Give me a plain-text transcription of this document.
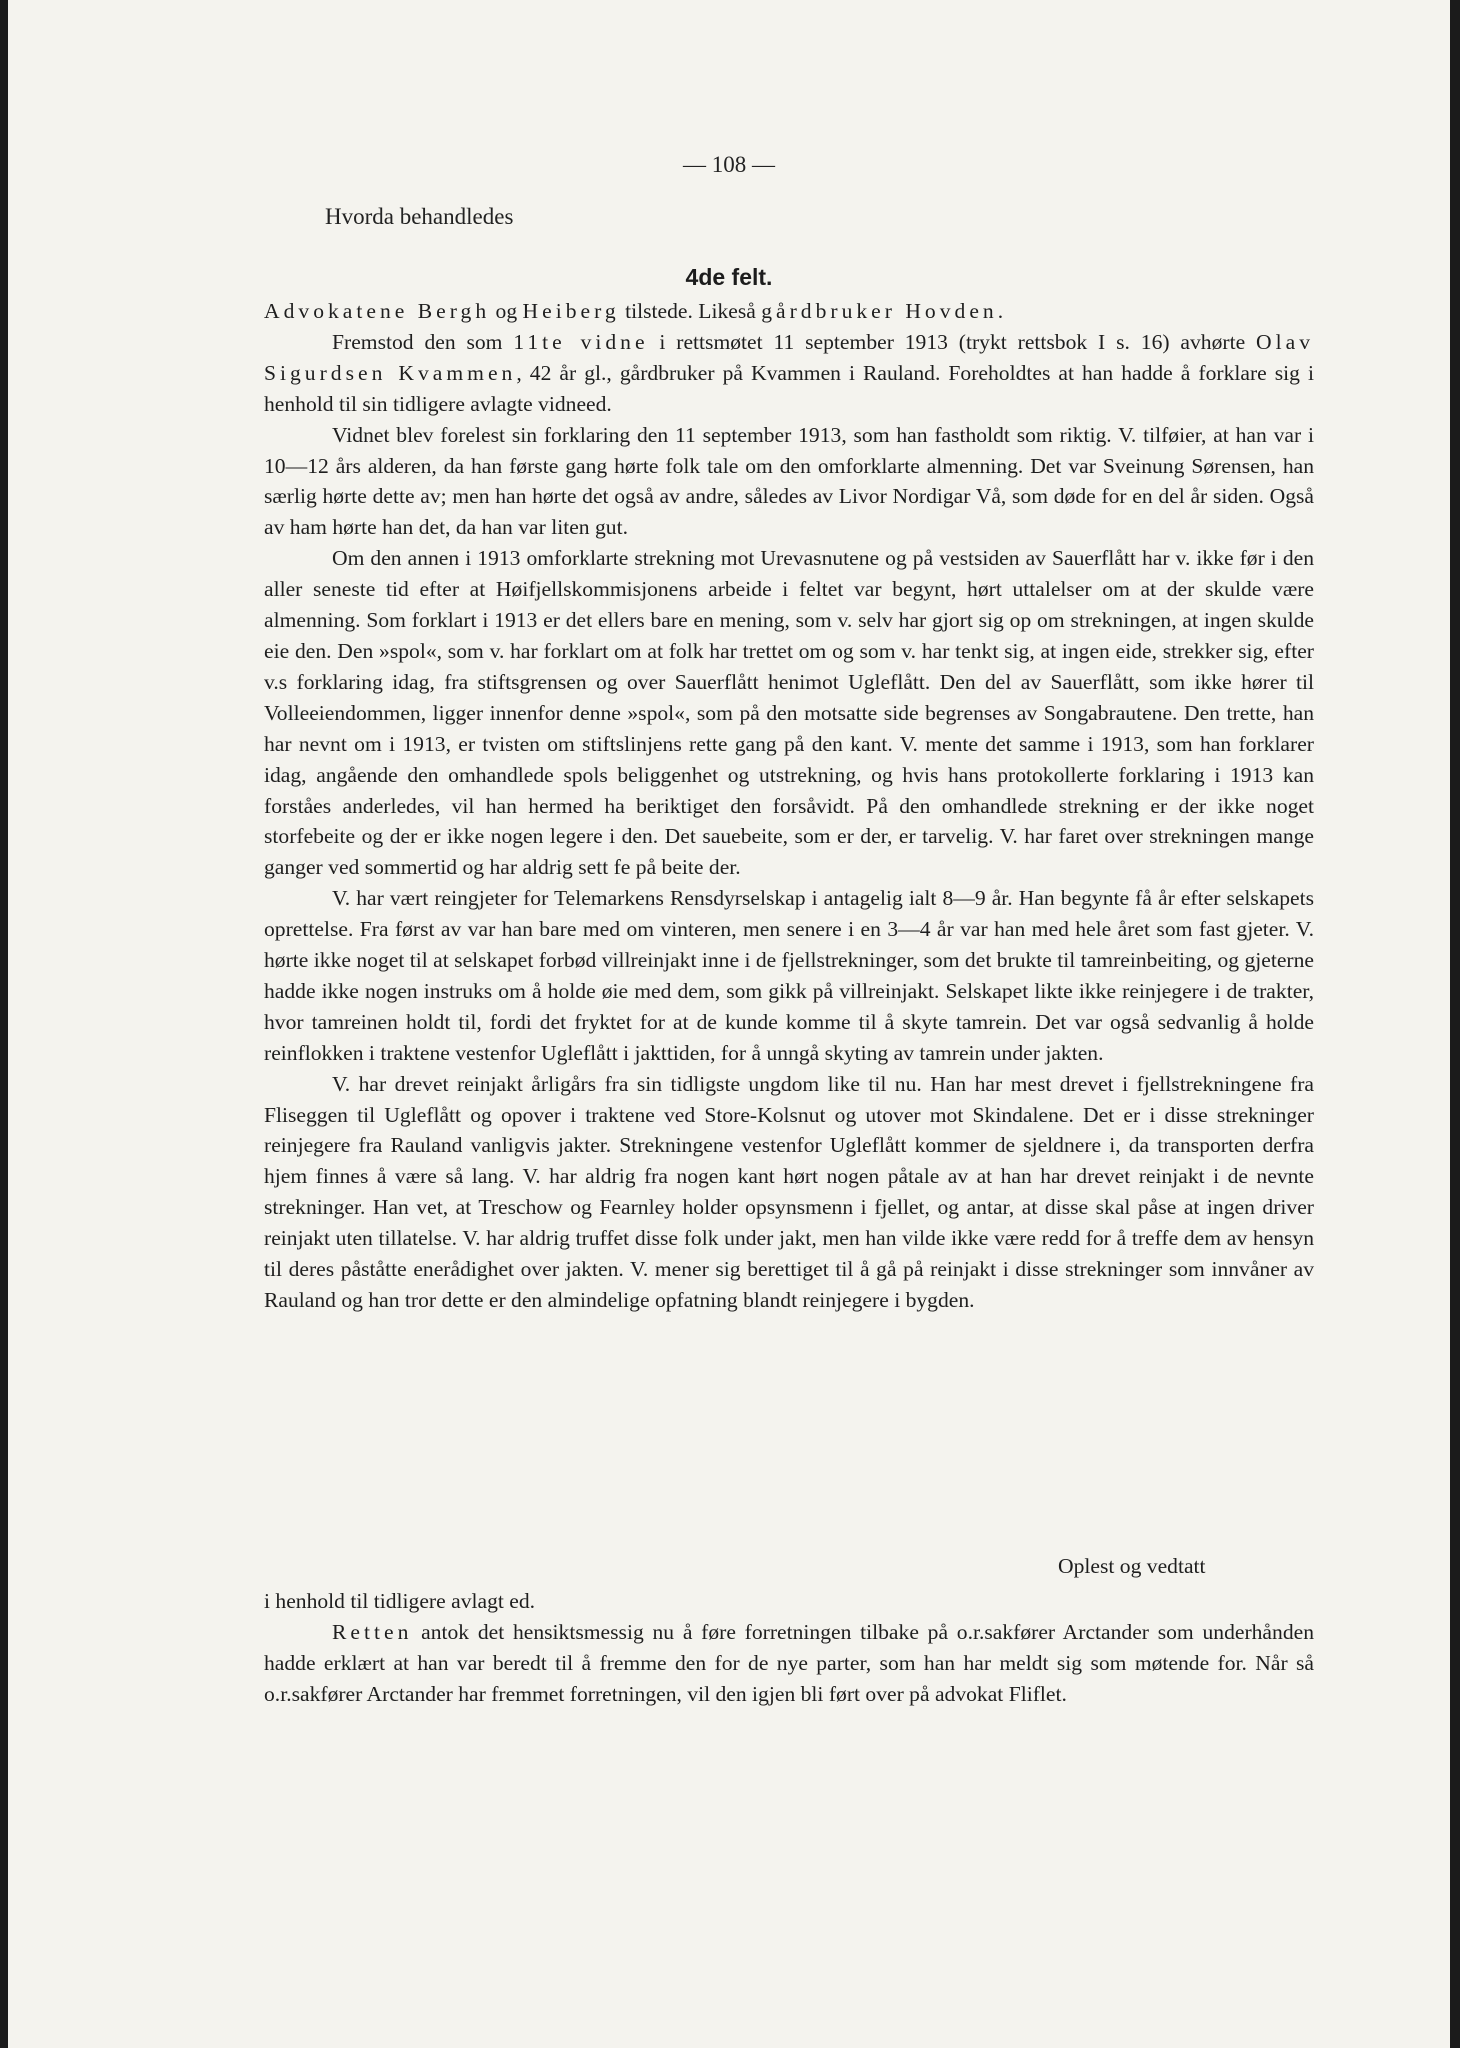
— 108 —
Hvorda behandledes
4de felt.

Advokatene Bergh og Heiberg tilstede. Likeså gårdbruker Hovden.

Fremstod den som 11te vidne i rettsmøtet 11 september 1913 (trykt rettsbok I s. 16) avhørte Olav Sigurdsen Kvammen, 42 år gl., gårdbruker på Kvammen i Rauland. Foreholdtes at han hadde å forklare sig i henhold til sin tidligere avlagte vidneed.

Vidnet blev forelest sin forklaring den 11 september 1913, som han fastholdt som riktig. V. tilføier, at han var i 10—12 års alderen, da han første gang hørte folk tale om den omforklarte almenning. Det var Sveinung Sørensen, han særlig hørte dette av; men han hørte det også av andre, således av Livor Nordigar Vå, som døde for en del år siden. Også av ham hørte han det, da han var liten gut.

Om den annen i 1913 omforklarte strekning mot Urevasnutene og på vestsiden av Sauerflått har v. ikke før i den aller seneste tid efter at Høifjellskommisjonens arbeide i feltet var begynt, hørt uttalelser om at der skulde være almenning. Som forklart i 1913 er det ellers bare en mening, som v. selv har gjort sig op om strekningen, at ingen skulde eie den. Den »spol«, som v. har forklart om at folk har trettet om og som v. har tenkt sig, at ingen eide, strekker sig, efter v.s forklaring idag, fra stiftsgrensen og over Sauerflått henimot Ugleflått. Den del av Sauerflått, som ikke hører til Volleeiendommen, ligger innenfor denne »spol«, som på den motsatte side begrenses av Songabrautene. Den trette, han har nevnt om i 1913, er tvisten om stiftslinjens rette gang på den kant. V. mente det samme i 1913, som han forklarer idag, angående den omhandlede spols beliggenhet og utstrekning, og hvis hans protokollerte forklaring i 1913 kan forståes anderledes, vil han hermed ha beriktiget den forsåvidt. På den omhandlede strekning er der ikke noget storfebeite og der er ikke nogen legere i den. Det sauebeite, som er der, er tarvelig. V. har faret over strekningen mange ganger ved sommertid og har aldrig sett fe på beite der.

V. har vært reingjeter for Telemarkens Rensdyrselskap i antagelig ialt 8—9 år. Han begynte få år efter selskapets oprettelse. Fra først av var han bare med om vinteren, men senere i en 3—4 år var han med hele året som fast gjeter. V. hørte ikke noget til at selskapet forbød villreinjakt inne i de fjellstrekninger, som det brukte til tamreinbeiting, og gjeterne hadde ikke nogen instruks om å holde øie med dem, som gikk på villreinjakt. Selskapet likte ikke reinjegere i de trakter, hvor tamreinen holdt til, fordi det fryktet for at de kunde komme til å skyte tamrein. Det var også sedvanlig å holde reinflokken i traktene vestenfor Ugleflått i jakttiden, for å unngå skyting av tamrein under jakten.

V. har drevet reinjakt årligårs fra sin tidligste ungdom like til nu. Han har mest drevet i fjellstrekningene fra Fliseggen til Ugleflått og opover i traktene ved Store-Kolsnut og utover mot Skindalene. Det er i disse strekninger reinjegere fra Rauland vanligvis jakter. Strekningene vestenfor Ugleflått kommer de sjeldnere i, da transporten derfra hjem finnes å være så lang. V. har aldrig fra nogen kant hørt nogen påtale av at han har drevet reinjakt i de nevnte strekninger. Han vet, at Treschow og Fearnley holder opsynsmenn i fjellet, og antar, at disse skal påse at ingen driver reinjakt uten tillatelse. V. har aldrig truffet disse folk under jakt, men han vilde ikke være redd for å treffe dem av hensyn til deres påståtte enerådighet over jakten. V. mener sig berettiget til å gå på reinjakt i disse strekninger som innvåner av Rauland og han tror dette er den almindelige opfatning blandt reinjegere i bygden.

Oplest og vedtatt

i henhold til tidligere avlagt ed.

Retten antok det hensiktsmessig nu å føre forretningen tilbake på o.r.sakfører Arctander som underhånden hadde erklært at han var beredt til å fremme den for de nye parter, som han har meldt sig som møtende for. Når så o.r.sakfører Arctander har fremmet forretningen, vil den igjen bli ført over på advokat Fliflet.
